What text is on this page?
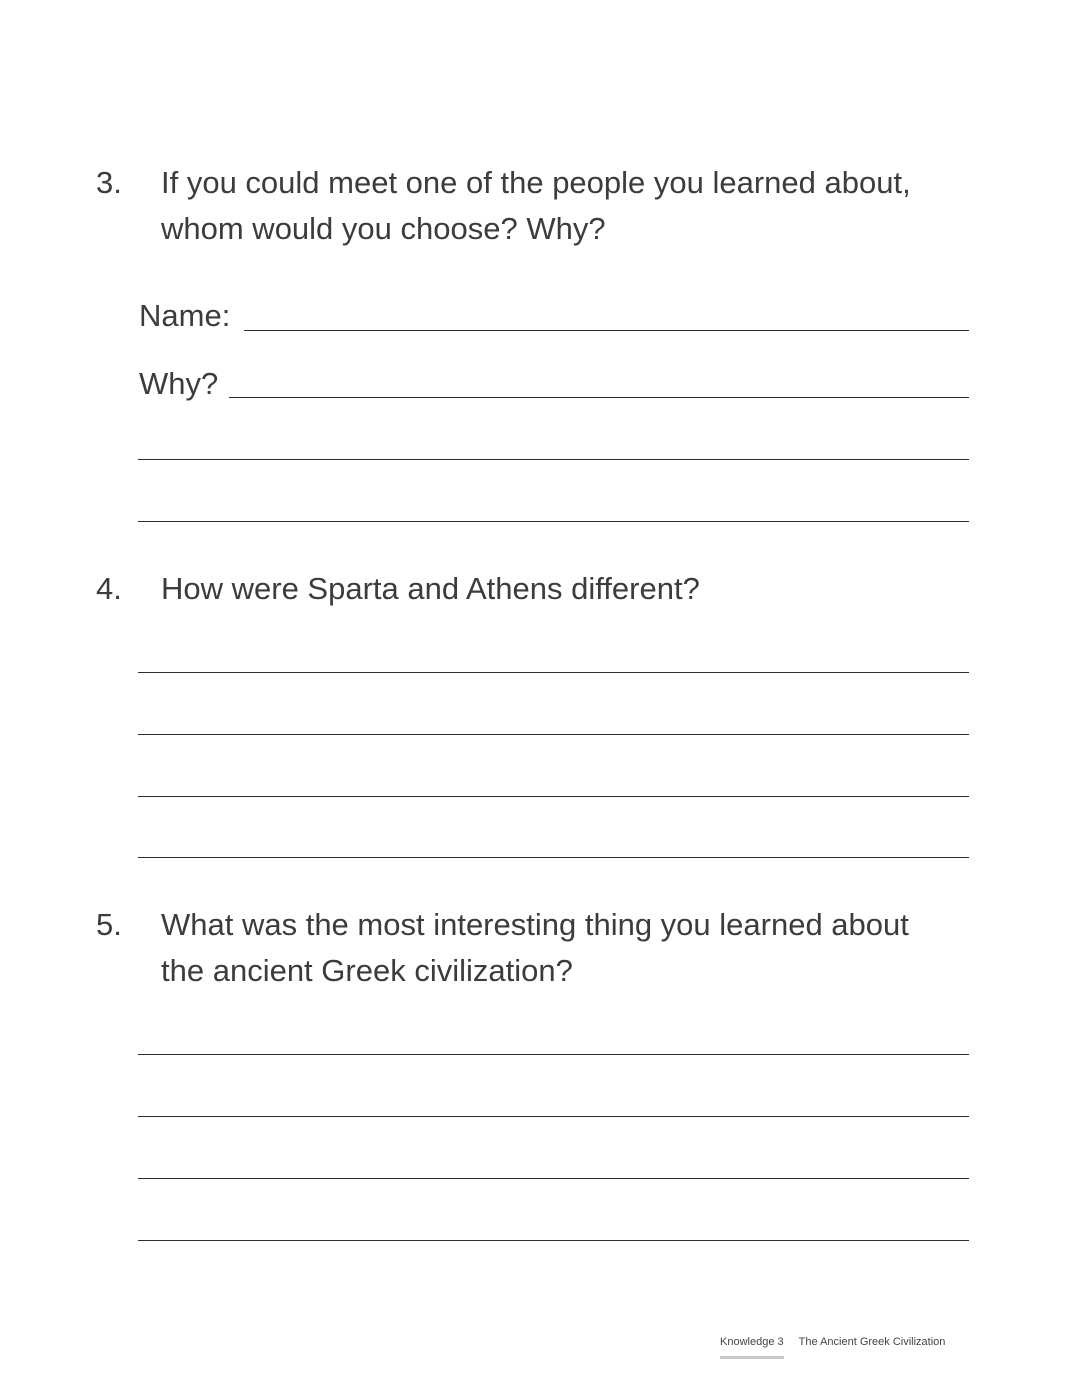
3. If you could meet one of the people you learned about,
whom would you choose? Why?
Name:
Why?
4. How were Sparta and Athens different?
5. What was the most interesting thing you learned about
the ancient Greek civilization?
Knowledge 3 The Ancient Greek Civilization
